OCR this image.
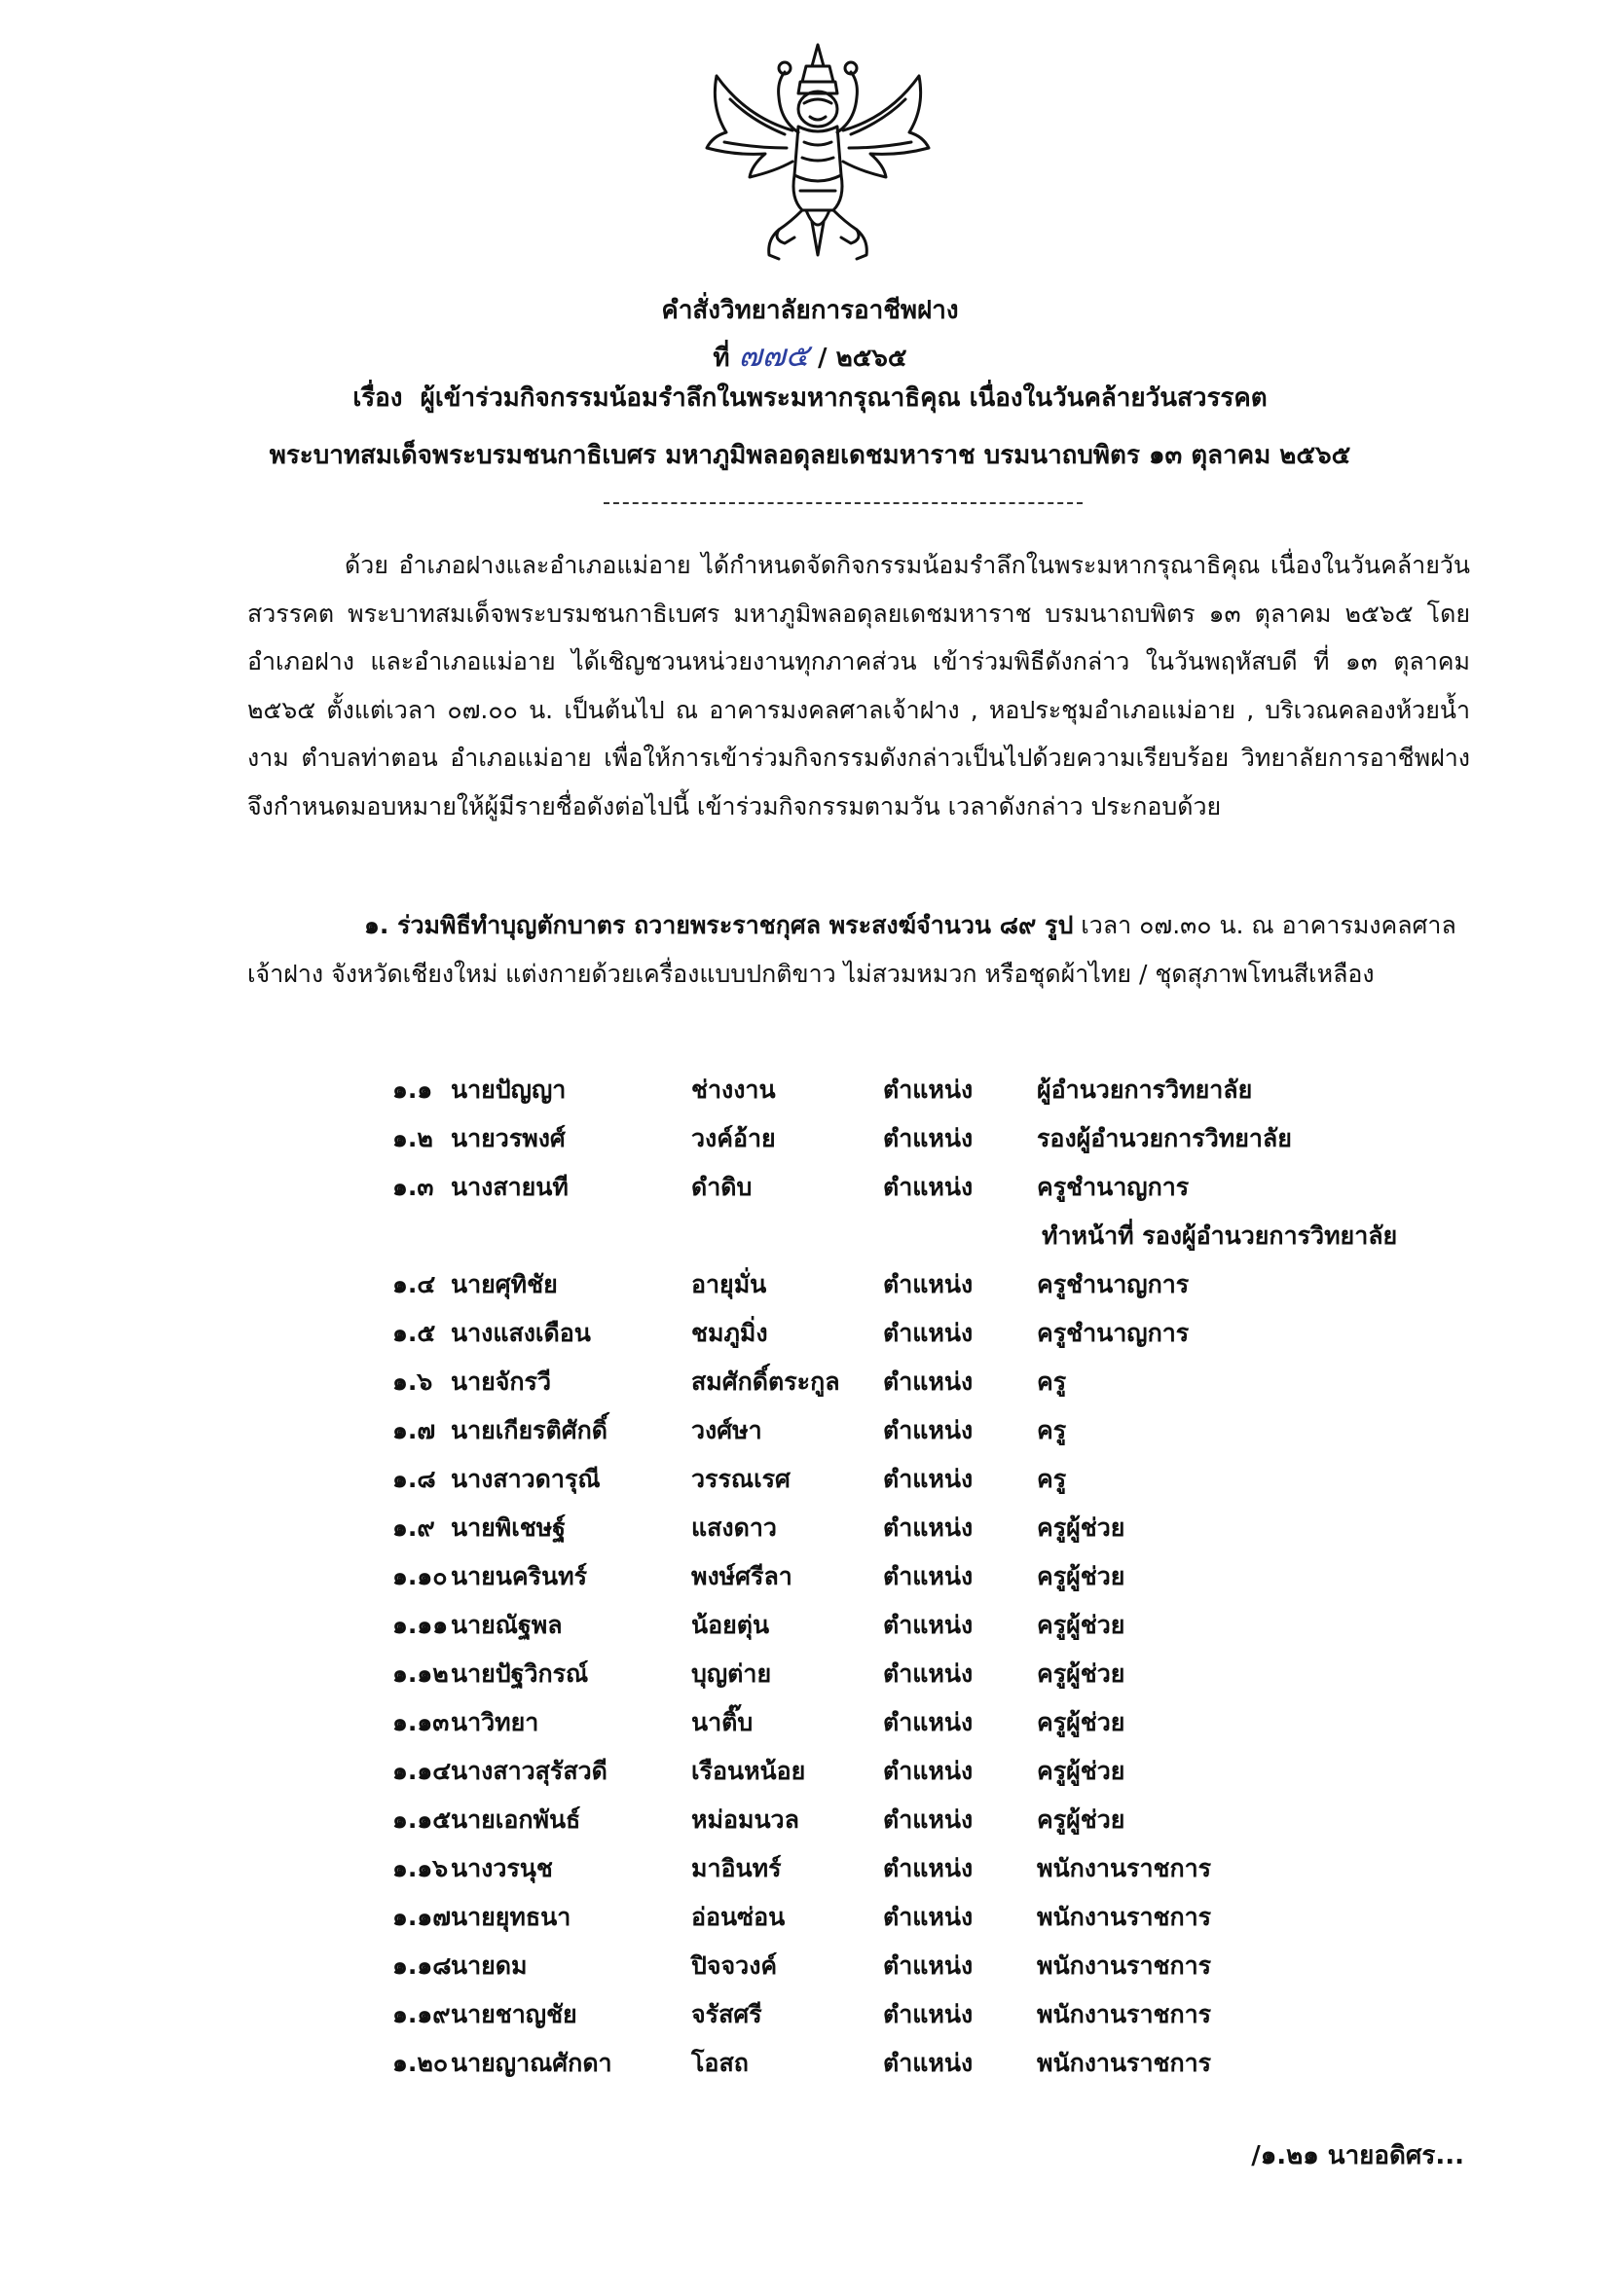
คำสั่งวิทยาลัยการอาชีพฝาง
ที่ ๗๗๕ / ๒๕๖๕
เรื่อง ผู้เข้าร่วมกิจกรรมน้อมรำลึกในพระมหากรุณาธิคุณ เนื่องในวันคล้ายวันสวรรคต
พระบาทสมเด็จพระบรมชนกาธิเบศร มหาภูมิพลอดุลยเดชมหาราช บรมนาถบพิตร ๑๓ ตุลาคม ๒๕๖๕
ด้วย อำเภอฝางและอำเภอแม่อาย ได้กำหนดจัดกิจกรรมน้อมรำลึกในพระมหากรุณาธิคุณ เนื่องในวันคล้ายวันสวรรคต พระบาทสมเด็จพระบรมชนกาธิเบศร มหาภูมิพลอดุลยเดชมหาราช บรมนาถบพิตร ๑๓ ตุลาคม ๒๕๖๕ โดยอำเภอฝาง และอำเภอแม่อาย ได้เชิญชวนหน่วยงานทุกภาคส่วน เข้าร่วมพิธีดังกล่าว ในวันพฤหัสบดี ที่ ๑๓ ตุลาคม ๒๕๖๕ ตั้งแต่เวลา ๐๗.๐๐ น. เป็นต้นไป ณ อาคารมงคลศาลเจ้าฝาง , หอประชุมอำเภอแม่อาย , บริเวณคลองห้วยน้ำงาม ตำบลท่าตอน อำเภอแม่อาย เพื่อให้การเข้าร่วมกิจกรรมดังกล่าวเป็นไปด้วยความเรียบร้อย วิทยาลัยการอาชีพฝาง จึงกำหนดมอบหมายให้ผู้มีรายชื่อดังต่อไปนี้ เข้าร่วมกิจกรรมตามวัน เวลาดังกล่าว ประกอบด้วย
๑. ร่วมพิธีทำบุญตักบาตร ถวายพระราชกุศล พระสงฆ์จำนวน ๘๙ รูป เวลา ๐๗.๓๐ น. ณ อาคารมงคลศาลเจ้าฝาง จังหวัดเชียงใหม่ แต่งกายด้วยเครื่องแบบปกติขาว ไม่สวมหมวก หรือชุดผ้าไทย / ชุดสุภาพโทนสีเหลือง
๑.๑ นายปัญญา	ช่างงาน	ตำแหน่ง	ผู้อำนวยการวิทยาลัย
๑.๒ นายวรพงศ์	วงค์อ้าย	ตำแหน่ง	รองผู้อำนวยการวิทยาลัย
๑.๓ นางสายนที	ดำดิบ	ตำแหน่ง	ครูชำนาญการ
ทำหน้าที่ รองผู้อำนวยการวิทยาลัย
๑.๔ นายศุทิชัย	อายุมั่น	ตำแหน่ง	ครูชำนาญการ
๑.๕ นางแสงเดือน	ชมภูมิ่ง	ตำแหน่ง	ครูชำนาญการ
๑.๖ นายจักรวี	สมศักดิ์ตระกูล ตำแหน่ง	ครู
๑.๗ นายเกียรติศักดิ์	วงศ์ษา	ตำแหน่ง	ครู
๑.๘ นางสาวดารุณี	วรรณเรศ	ตำแหน่ง	ครู
๑.๙ นายพิเชษฐ์	แสงดาว	ตำแหน่ง	ครูผู้ช่วย
๑.๑๐ นายนครินทร์	พงษ์ศรีลา	ตำแหน่ง	ครูผู้ช่วย
๑.๑๑ นายณัฐพล	น้อยตุ่น	ตำแหน่ง	ครูผู้ช่วย
๑.๑๒ นายปัฐวิกรณ์	บุญต่าย	ตำแหน่ง	ครูผู้ช่วย
๑.๑๓ นาวิทยา	นาติ๊บ	ตำแหน่ง	ครูผู้ช่วย
๑.๑๔ นางสาวสุรัสวดี	เรือนหน้อย	ตำแหน่ง	ครูผู้ช่วย
๑.๑๕ นายเอกพันธ์	หม่อมนวล	ตำแหน่ง	ครูผู้ช่วย
๑.๑๖ นางวรนุช	มาอินทร์	ตำแหน่ง	พนักงานราชการ
๑.๑๗ นายยุทธนา	อ่อนซ่อน	ตำแหน่ง	พนักงานราชการ
๑.๑๘ นายดม	ปิจจวงค์	ตำแหน่ง	พนักงานราชการ
๑.๑๙ นายชาญชัย	จรัสศรี	ตำแหน่ง	พนักงานราชการ
๑.๒๐ นายญาณศักดา	โอสถ	ตำแหน่ง	พนักงานราชการ
/๑.๒๑ นายอดิศร...
